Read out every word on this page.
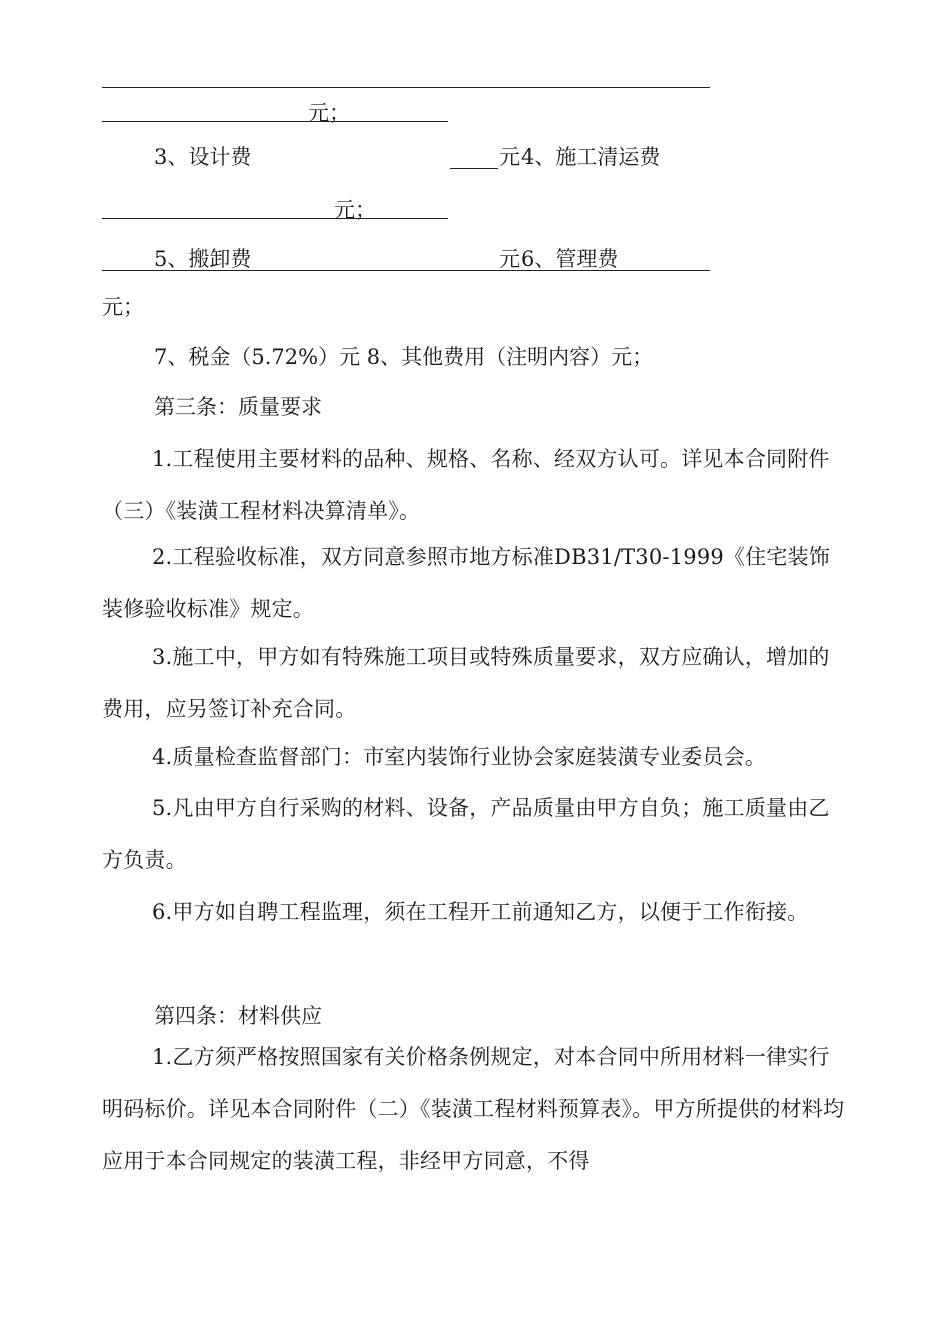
元；
3、设计费	元 4、施工清运费
元；
5、搬卸费	元 6、管理费
元；
7、税金（5.72%）元 8、其他费用（注明内容）元；
第三条：质量要求
1.工程使用主要材料的品种、规格、名称、经双方认可。详见本合同附件（三）《装潢工程材料决算清单》。
2.工程验收标准，双方同意参照市地方标准DB31/T30-1999《住宅装饰装修验收标准》规定。
3.施工中，甲方如有特殊施工项目或特殊质量要求，双方应确认，增加的费用，应另签订补充合同。
4.质量检查监督部门：市室内装饰行业协会家庭装潢专业委员会。
5.凡由甲方自行采购的材料、设备，产品质量由甲方自负；施工质量由乙方负责。
6.甲方如自聘工程监理，须在工程开工前通知乙方，以便于工作衔接。
第四条：材料供应
1.乙方须严格按照国家有关价格条例规定，对本合同中所用材料一律实行明码标价。详见本合同附件（二）《装潢工程材料预算表》。甲方所提供的材料均应用于本合同规定的装潢工程，非经甲方同意，不得
